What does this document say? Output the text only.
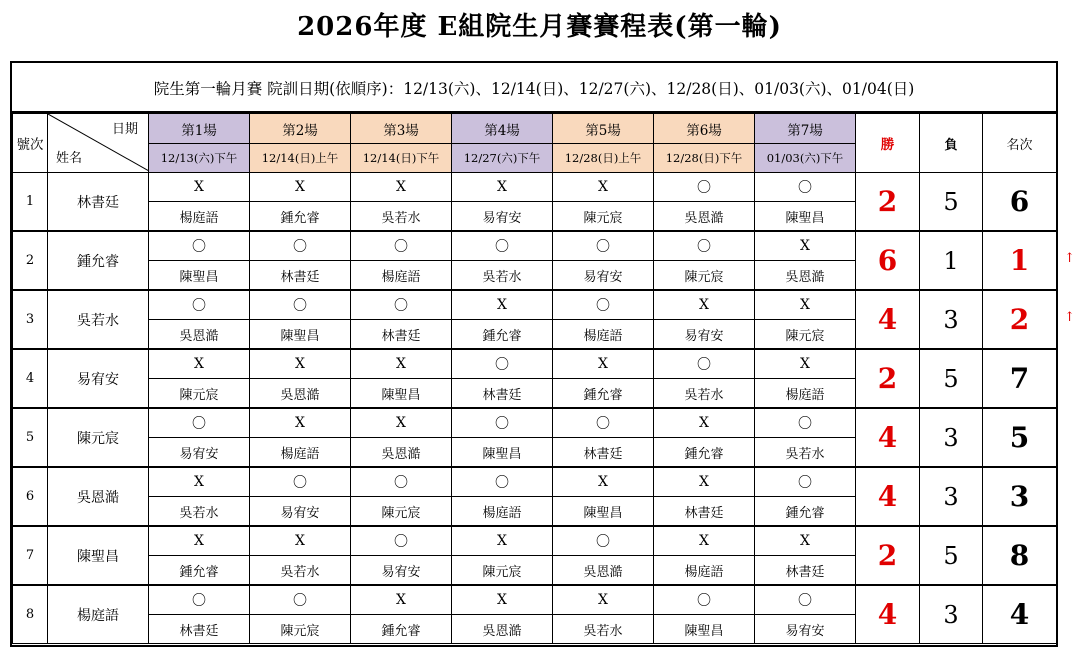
2026年度 E組院生月賽賽程表(第一輪)
院生第一輪月賽 院訓日期(依順序)：12/13(六)、12/14(日)、12/27(六)、12/28(日)、01/03(六)、01/04(日)
號次	日期
姓名	第1場	第2場	第3場	第4場	第5場	第6場	第7場	勝	負	名次
		12/13(六)下午	12/14(日)上午	12/14(日)下午	12/27(六)下午	12/28(日)上午	12/28(日)下午	01/03(六)下午			
1	林書廷	X	X	X	X	X	〇	〇	2	5	6
		楊庭語	鍾允睿	吳若水	易宥安	陳元宸	吳恩澔	陳聖昌			
2	鍾允睿	〇	〇	〇	〇	〇	〇	X	6	1	1
		陳聖昌	林書廷	楊庭語	吳若水	易宥安	陳元宸	吳恩澔			
3	吳若水	〇	〇	〇	X	〇	X	X	4	3	2
		吳恩澔	陳聖昌	林書廷	鍾允睿	楊庭語	易宥安	陳元宸			
4	易宥安	X	X	X	〇	X	〇	X	2	5	7
		陳元宸	吳恩澔	陳聖昌	林書廷	鍾允睿	吳若水	楊庭語			
5	陳元宸	〇	X	X	〇	〇	X	〇	4	3	5
		易宥安	楊庭語	吳恩澔	陳聖昌	林書廷	鍾允睿	吳若水			
6	吳恩澔	X	〇	〇	〇	X	X	〇	4	3	3
		吳若水	易宥安	陳元宸	楊庭語	陳聖昌	林書廷	鍾允睿			
7	陳聖昌	X	X	〇	X	〇	X	X	2	5	8
		鍾允睿	吳若水	易宥安	陳元宸	吳恩澔	楊庭語	林書廷			
8	楊庭語	〇	〇	X	X	X	〇	〇	4	3	4
		林書廷	陳元宸	鍾允睿	吳恩澔	吳若水	陳聖昌	易宥安			
↑
↑
